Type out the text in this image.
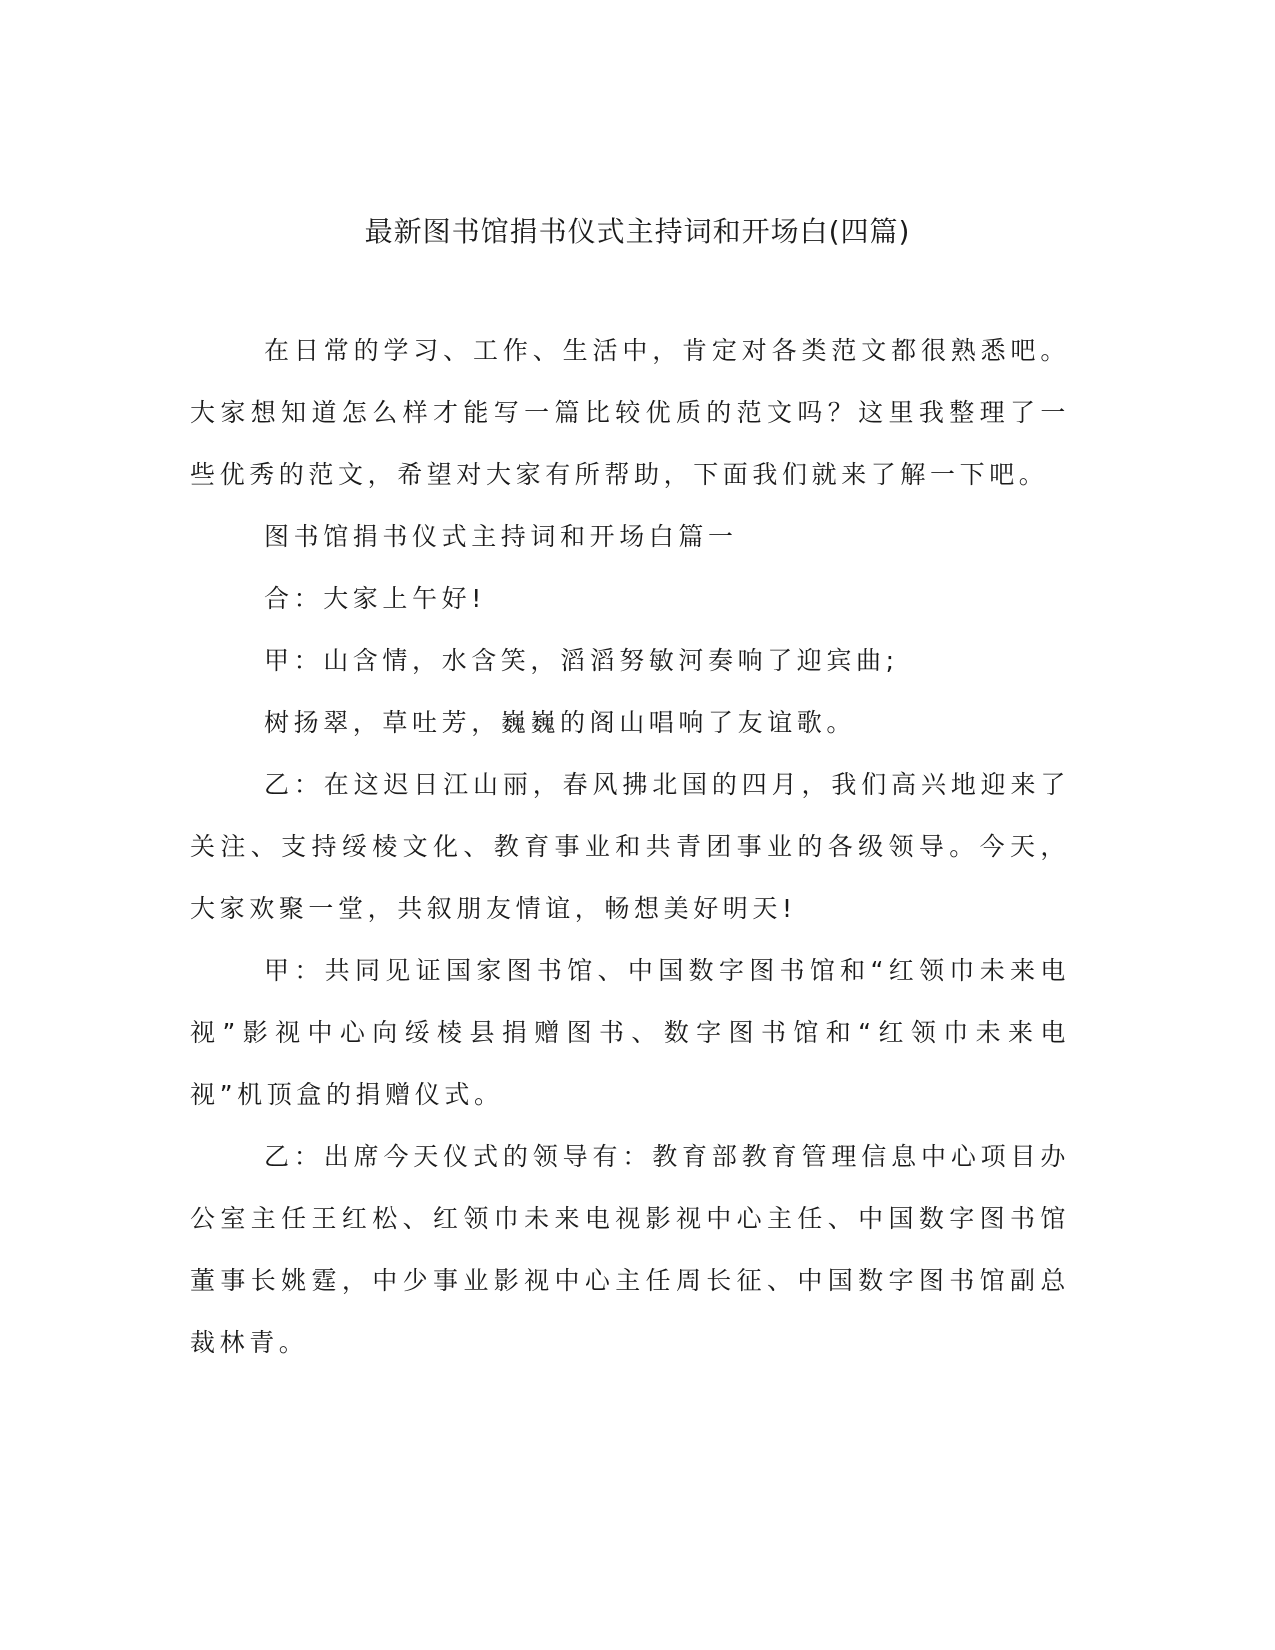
最新图书馆捐书仪式主持词和开场白(四篇)

在日常的学习、工作、生活中，肯定对各类范文都很熟悉吧。大家想知道怎么样才能写一篇比较优质的范文吗？这里我整理了一些优秀的范文，希望对大家有所帮助，下面我们就来了解一下吧。

图书馆捐书仪式主持词和开场白篇一

合：大家上午好!

甲：山含情，水含笑，滔滔努敏河奏响了迎宾曲;

树扬翠，草吐芳，巍巍的阁山唱响了友谊歌。

乙：在这迟日江山丽，春风拂北国的四月，我们高兴地迎来了关注、支持绥棱文化、教育事业和共青团事业的各级领导。今天，大家欢聚一堂，共叙朋友情谊，畅想美好明天!

甲：共同见证国家图书馆、中国数字图书馆和“红领巾未来电视”影视中心向绥棱县捐赠图书、数字图书馆和“红领巾未来电视”机顶盒的捐赠仪式。

乙：出席今天仪式的领导有：教育部教育管理信息中心项目办公室主任王红松、红领巾未来电视影视中心主任、中国数字图书馆董事长姚霆，中少事业影视中心主任周长征、中国数字图书馆副总裁林青。
